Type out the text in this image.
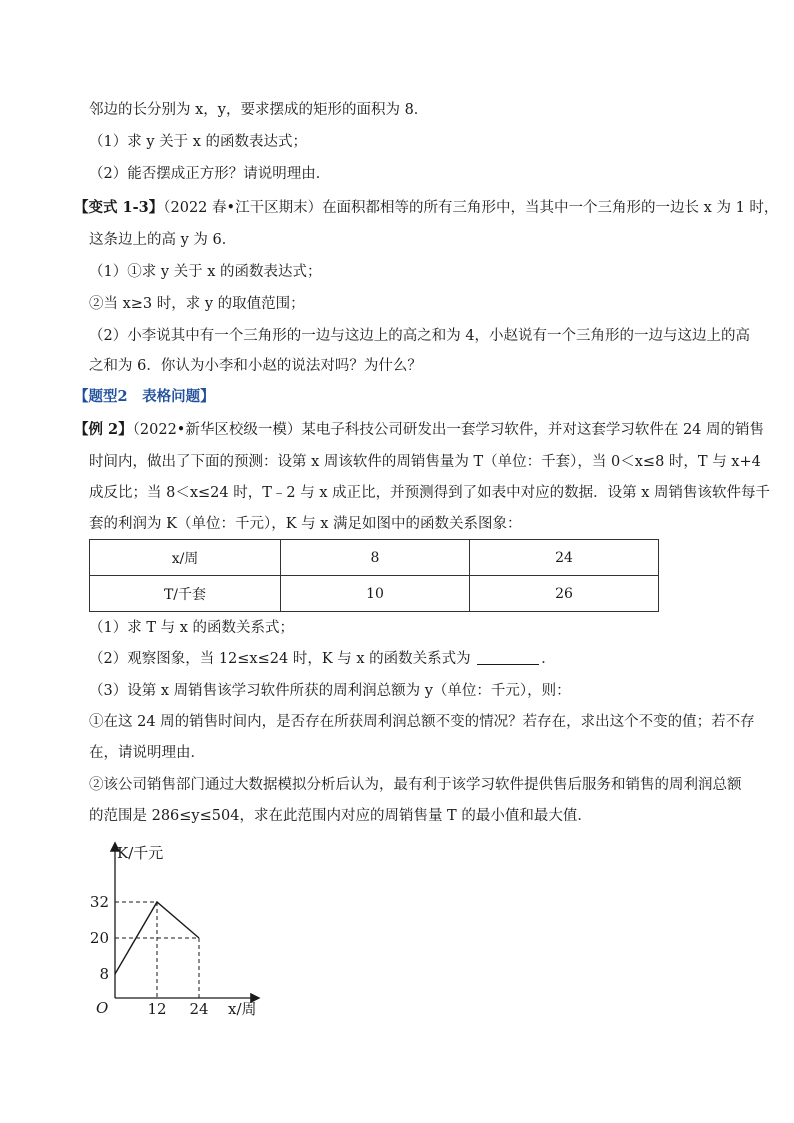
邻边的长分别为 x，y，要求摆成的矩形的面积为 8．
（1）求 y 关于 x 的函数表达式；
（2）能否摆成正方形？请说明理由．
【变式 1-3】（2022 春•江干区期末）在面积都相等的所有三角形中，当其中一个三角形的一边长 x 为 1 时，
这条边上的高 y 为 6．
（1）①求 y 关于 x 的函数表达式；
②当 x≥3 时，求 y 的取值范围；
（2）小李说其中有一个三角形的一边与这边上的高之和为 4，小赵说有一个三角形的一边与这边上的高
之和为 6．你认为小李和小赵的说法对吗？为什么？
【题型2　表格问题】
【例 2】（2022•新华区校级一模）某电子科技公司研发出一套学习软件，并对这套学习软件在 24 周的销售
时间内，做出了下面的预测：设第 x 周该软件的周销售量为 T（单位：千套），当 0＜x≤8 时，T 与 x+4
成反比；当 8＜x≤24 时，T﹣2 与 x 成正比，并预测得到了如表中对应的数据．设第 x 周销售该软件每千
套的利润为 K（单位：千元），K 与 x 满足如图中的函数关系图象：
x/周	8	24
T/千套	10	26
（1）求 T 与 x 的函数关系式；
（2）观察图象，当 12≤x≤24 时，K 与 x 的函数关系式为	．
（3）设第 x 周销售该学习软件所获的周利润总额为 y（单位：千元），则：
①在这 24 周的销售时间内，是否存在所获周利润总额不变的情况？若存在，求出这个不变的值；若不存
在，请说明理由．
②该公司销售部门通过大数据模拟分析后认为，最有利于该学习软件提供售后服务和销售的周利润总额
的范围是 286≤y≤504，求在此范围内对应的周销售量 T 的最小值和最大值．
32
20
8
12 24
K/千元
x/周
O
